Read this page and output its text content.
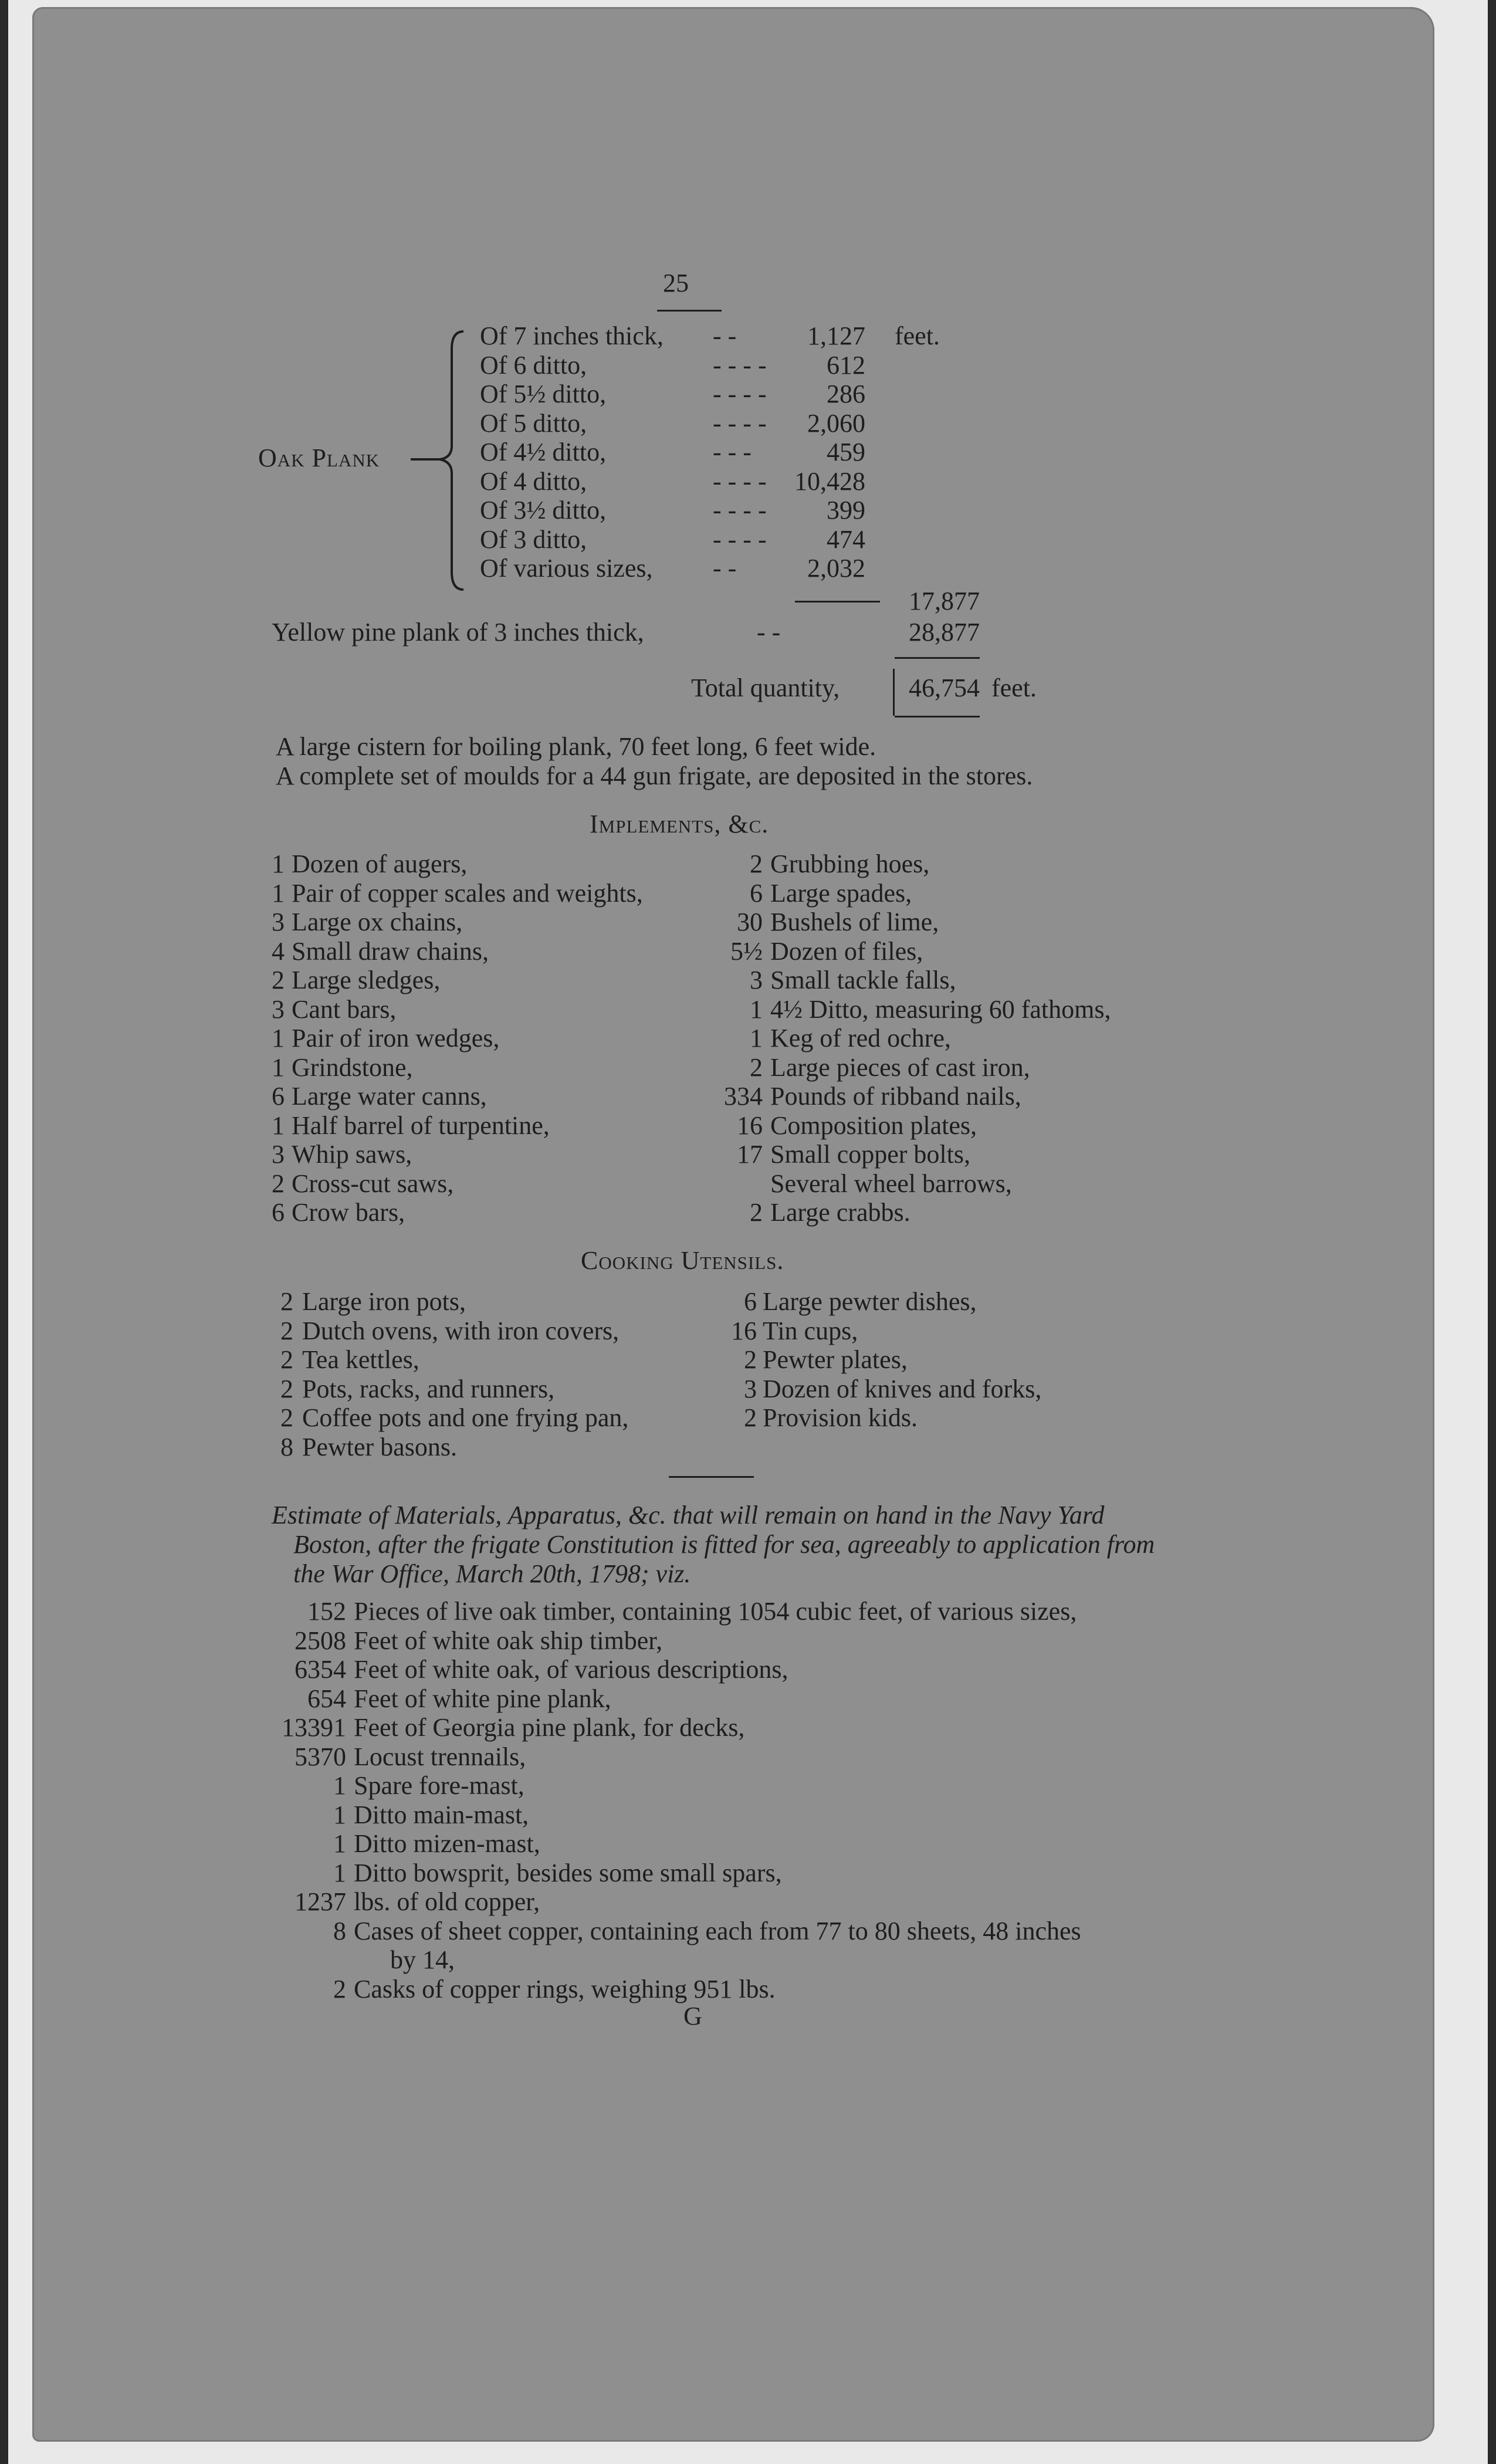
25
Oak Plank
Of 7 inches thick, - -	1,127 feet.
Of 6 ditto,	- - - -	612
Of 5½ ditto,	- - - -	286
Of 5 ditto,	- - - -	2,060
Of 4½ ditto,	- - -	459
Of 4 ditto,	- - - -	10,428
Of 3½ ditto,	- - - -	399
Of 3 ditto,	- - - -	474
Of various sizes, - -	2,032
17,877
Yellow pine plank of 3 inches thick,	- -	28,877
Total quantity,	46,754 feet.
A large cistern for boiling plank, 70 feet long, 6 feet wide.
A complete set of moulds for a 44 gun frigate, are deposited in the stores.
Implements, &c.
1 Dozen of augers,
1 Pair of copper scales and weights,
3 Large ox chains,
4 Small draw chains,
2 Large sledges,
3 Cant bars,
1 Pair of iron wedges,
1 Grindstone,
6 Large water canns,
1 Half barrel of turpentine,
3 Whip saws,
2 Cross-cut saws,
6 Crow bars,
2 Grubbing hoes,
6 Large spades,
30 Bushels of lime,
5½ Dozen of files,
3 Small tackle falls,
1 4½ Ditto, measuring 60 fathoms,
1 Keg of red ochre,
2 Large pieces of cast iron,
334 Pounds of ribband nails,
16 Composition plates,
17 Small copper bolts,
Several wheel barrows,
2 Large crabbs.
Cooking Utensils.
2 Large iron pots,
2 Dutch ovens, with iron covers,
2 Tea kettles,
2 Pots, racks, and runners,
2 Coffee pots and one frying pan,
8 Pewter basons.
6 Large pewter dishes,
16 Tin cups,
2 Pewter plates,
3 Dozen of knives and forks,
2 Provision kids.
Estimate of Materials, Apparatus, &c. that will remain on hand in the Navy Yard
Boston, after the frigate Constitution is fitted for sea, agreeably to application from
the War Office, March 20th, 1798; viz.
152 Pieces of live oak timber, containing 1054 cubic feet, of various sizes,
2508 Feet of white oak ship timber,
6354 Feet of white oak, of various descriptions,
654 Feet of white pine plank,
13391 Feet of Georgia pine plank, for decks,
5370 Locust trennails,
1 Spare fore-mast,
1 Ditto main-mast,
1 Ditto mizen-mast,
1 Ditto bowsprit, besides some small spars,
1237 lbs. of old copper,
8 Cases of sheet copper, containing each from 77 to 80 sheets, 48 inches
by 14,
2 Casks of copper rings, weighing 951 lbs.
G
